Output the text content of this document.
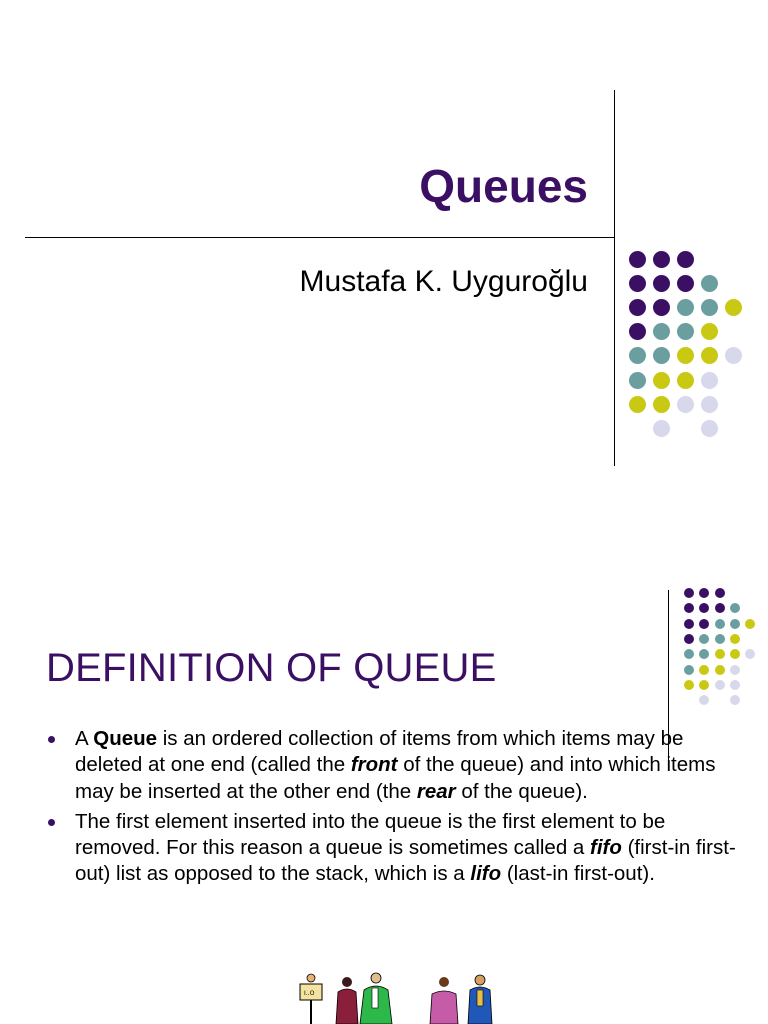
Queues
Mustafa K. Uyguroğlu
DEFINITION OF QUEUE
A Queue is an ordered collection of items from which items may be deleted at one end (called the front of the queue) and into which items may be inserted at the other end (the rear of the queue).
The first element inserted into the queue is the first element to be removed. For this reason a queue is sometimes called a fifo (first-in first-out) list as opposed to the stack, which is a lifo (last-in first-out).
I‥O
